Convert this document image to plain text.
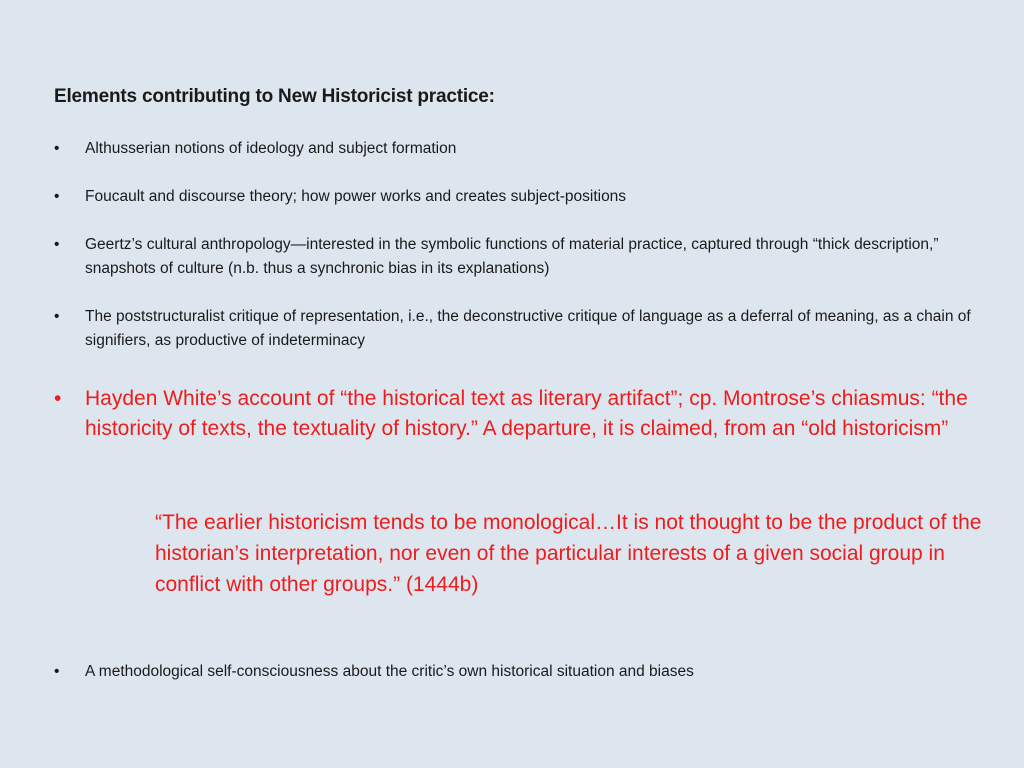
Elements contributing to New Historicist practice:
•	Althusserian notions of ideology and subject formation
•	Foucault and discourse theory; how power works and creates subject-positions
•	Geertz’s cultural anthropology—interested in the symbolic functions of material practice, captured through “thick description,” snapshots of culture (n.b. thus a synchronic bias in its explanations)
•	The poststructuralist critique of representation, i.e., the deconstructive critique of language as a deferral of meaning, as a chain of signifiers, as productive of indeterminacy
•	Hayden White’s account of “the historical text as literary artifact”; cp. Montrose’s chiasmus: “the historicity of texts, the textuality of history.” A departure, it is claimed, from an “old historicism”
“The earlier historicism tends to be monological…It is not thought to be the product of the historian’s interpretation, nor even of the particular interests of a given social group in conflict with other groups.” (1444b)
•	A methodological self-consciousness about the critic’s own historical situation and biases
